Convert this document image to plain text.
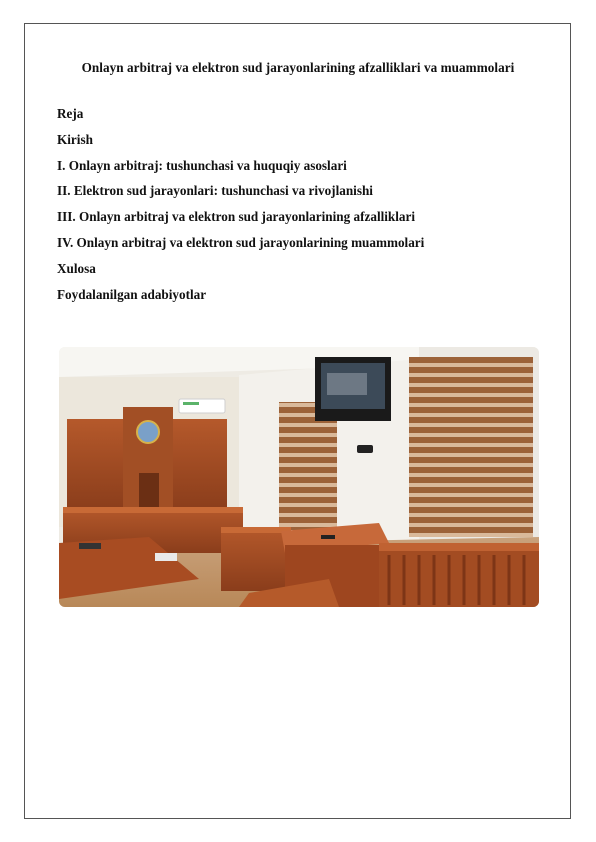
Onlayn arbitraj va elektron sud jarayonlarining afzalliklari va muammolari
Reja
Kirish
I. Onlayn arbitraj: tushunchasi va huquqiy asoslari
II. Elektron sud jarayonlari: tushunchasi va rivojlanishi
III. Onlayn arbitraj va elektron sud jarayonlarining afzalliklari
IV. Onlayn arbitraj va elektron sud jarayonlarining muammolari
Xulosa
Foydalanilgan adabiyotlar
